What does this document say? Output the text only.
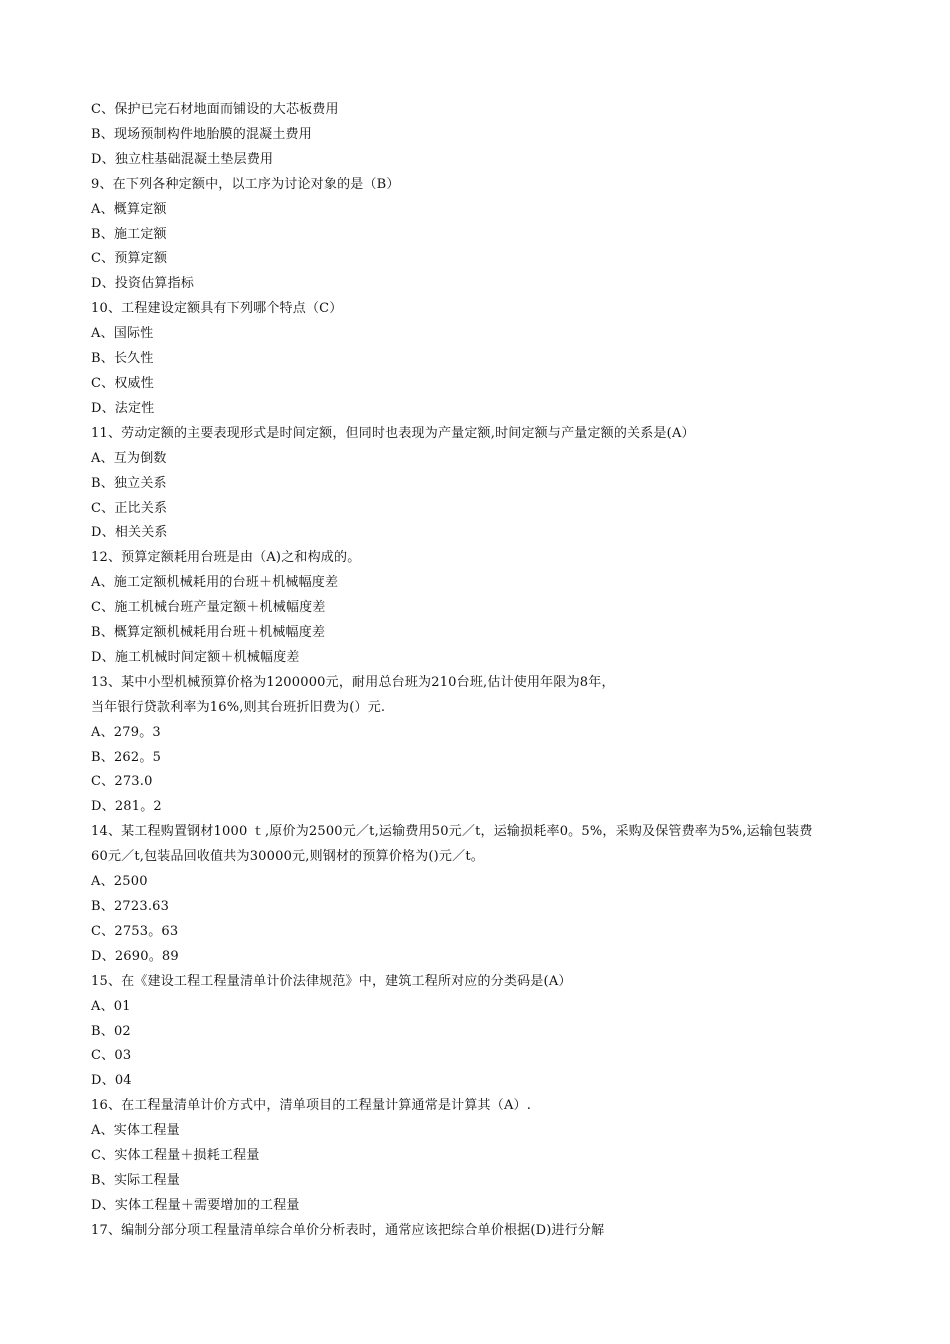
C、保护已完石材地面而铺设的大芯板费用
B、现场预制构件地胎膜的混凝土费用
D、独立柱基础混凝土垫层费用
9、在下列各种定额中，以工序为讨论对象的是（B）
A、概算定额
B、施工定额
C、预算定额
D、投资估算指标
10、工程建设定额具有下列哪个特点（C）
A、国际性
B、长久性
C、权威性
D、法定性
11、劳动定额的主要表现形式是时间定额，但同时也表现为产量定额,时间定额与产量定额的关系是(A）
A、互为倒数
B、独立关系
C、正比关系
D、相关关系
12、预算定额耗用台班是由（A)之和构成的。
A、施工定额机械耗用的台班＋机械幅度差
C、施工机械台班产量定额＋机械幅度差
B、概算定额机械耗用台班＋机械幅度差
D、施工机械时间定额＋机械幅度差
13、某中小型机械预算价格为1200000元，耐用总台班为210台班,估计使用年限为8年，
当年银行贷款利率为16%,则其台班折旧费为(）元.
A、279。3
B、262。5
C、273.0
D、281。2
14、某工程购置钢材1000 ｔ,原价为2500元／t,运输费用50元／t，运输损耗率0。5%，采购及保管费率为5%,运输包装费
60元／t,包装品回收值共为30000元,则钢材的预算价格为()元／t。
A、2500
B、2723.63
C、2753。63
D、2690。89
15、在《建设工程工程量清单计价法律规范》中，建筑工程所对应的分类码是(A）
A、01
B、02
C、03
D、04
16、在工程量清单计价方式中，清单项目的工程量计算通常是计算其（A）.
A、实体工程量
C、实体工程量＋损耗工程量
B、实际工程量
D、实体工程量＋需要增加的工程量
17、编制分部分项工程量清单综合单价分析表时，通常应该把综合单价根据(D)进行分解
